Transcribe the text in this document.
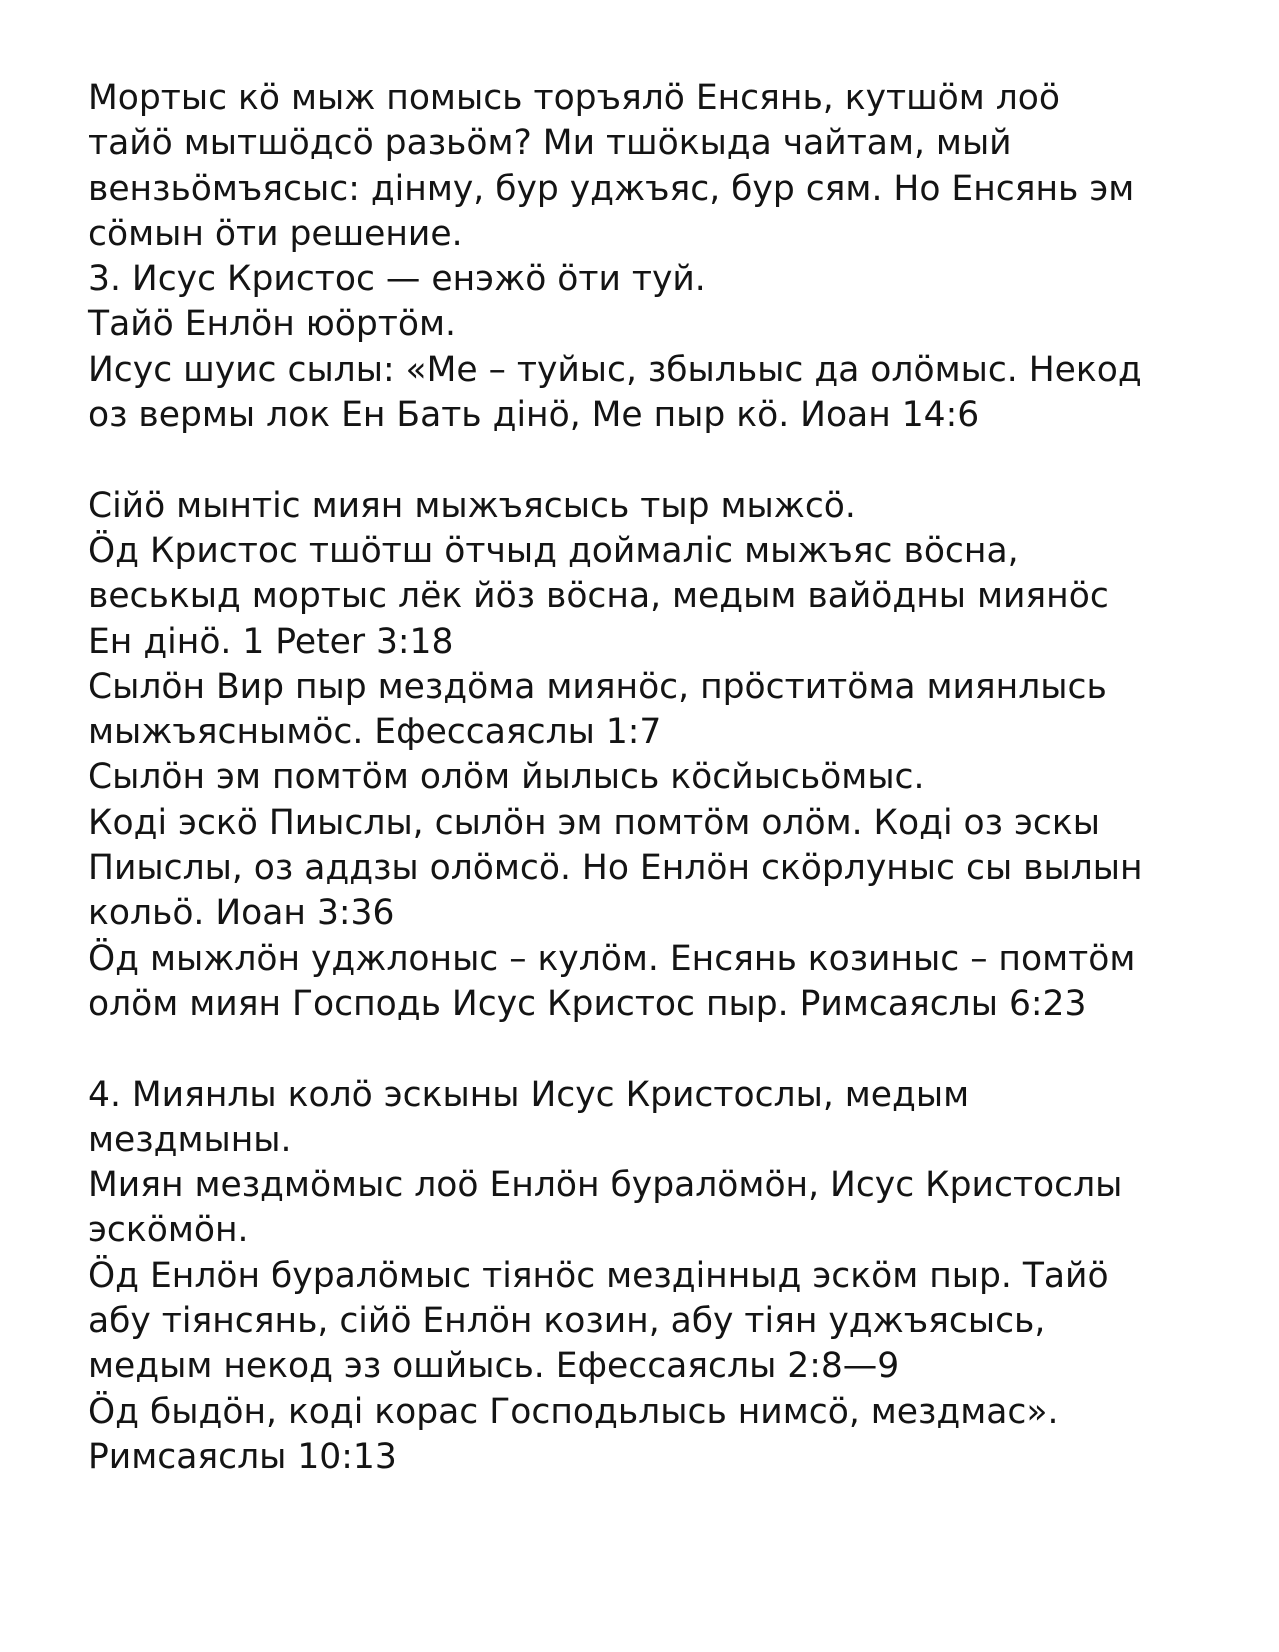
Мортыс кӧ мыж помысь торъялӧ Енсянь, кутшӧм лоӧ
тайӧ мытшӧдсӧ разьӧм? Ми тшӧкыда чайтам, мый
вензьӧмъясыс: дiнму, бур уджъяс, бур сям. Но Енсянь эм
сӧмын ӧти решение.
3. Исус Кристос — енэжӧ ӧти туй.
Тайӧ Енлӧн юӧртӧм.
Исус шуис сылы: «Ме – туйыс, збыльыс да олӧмыс. Некод
оз вермы лок Ен Бать дiнӧ, Ме пыр кӧ. Иоан 14:6
Сiйӧ мынтiс миян мыжъясысь тыр мыжсӧ.
Ӧд Кристос тшӧтш ӧтчыд доймалiс мыжъяс вӧсна,
веськыд мортыс лёк йӧз вӧсна, медым вайӧдны миянӧс
Ен дiнӧ. 1 Peter 3:18
Сылӧн Вир пыр мездӧма миянӧс, прӧститӧма миянлысь
мыжъяснымӧс. Ефессаяслы 1:7
Сылӧн эм помтӧм олӧм йылысь кӧсйысьӧмыс.
Кодi эскӧ Пиыслы, сылӧн эм помтӧм олӧм. Кодi оз эскы
Пиыслы, оз аддзы олӧмсӧ. Но Енлӧн скӧрлуныс сы вылын
кольӧ. Иоан 3:36
Ӧд мыжлӧн уджлоныс – кулӧм. Енсянь козиныс – помтӧм
олӧм миян Господь Исус Кристос пыр. Римсаяслы 6:23
4. Миянлы колӧ эскыны Исус Кристослы, медым
мездмыны.
Миян мездмӧмыс лоӧ Енлӧн буралӧмӧн, Исус Кристослы
эскӧмӧн.
Ӧд Енлӧн буралӧмыс тiянӧс мездiнныд эскӧм пыр. Тайӧ
абу тiянсянь, сiйӧ Енлӧн козин, абу тiян уджъясысь,
медым некод эз ошйысь. Ефессаяслы 2:8—9
Ӧд быдӧн, кодi корас Господьлысь нимсӧ, мездмас».
Римсаяслы 10:13
